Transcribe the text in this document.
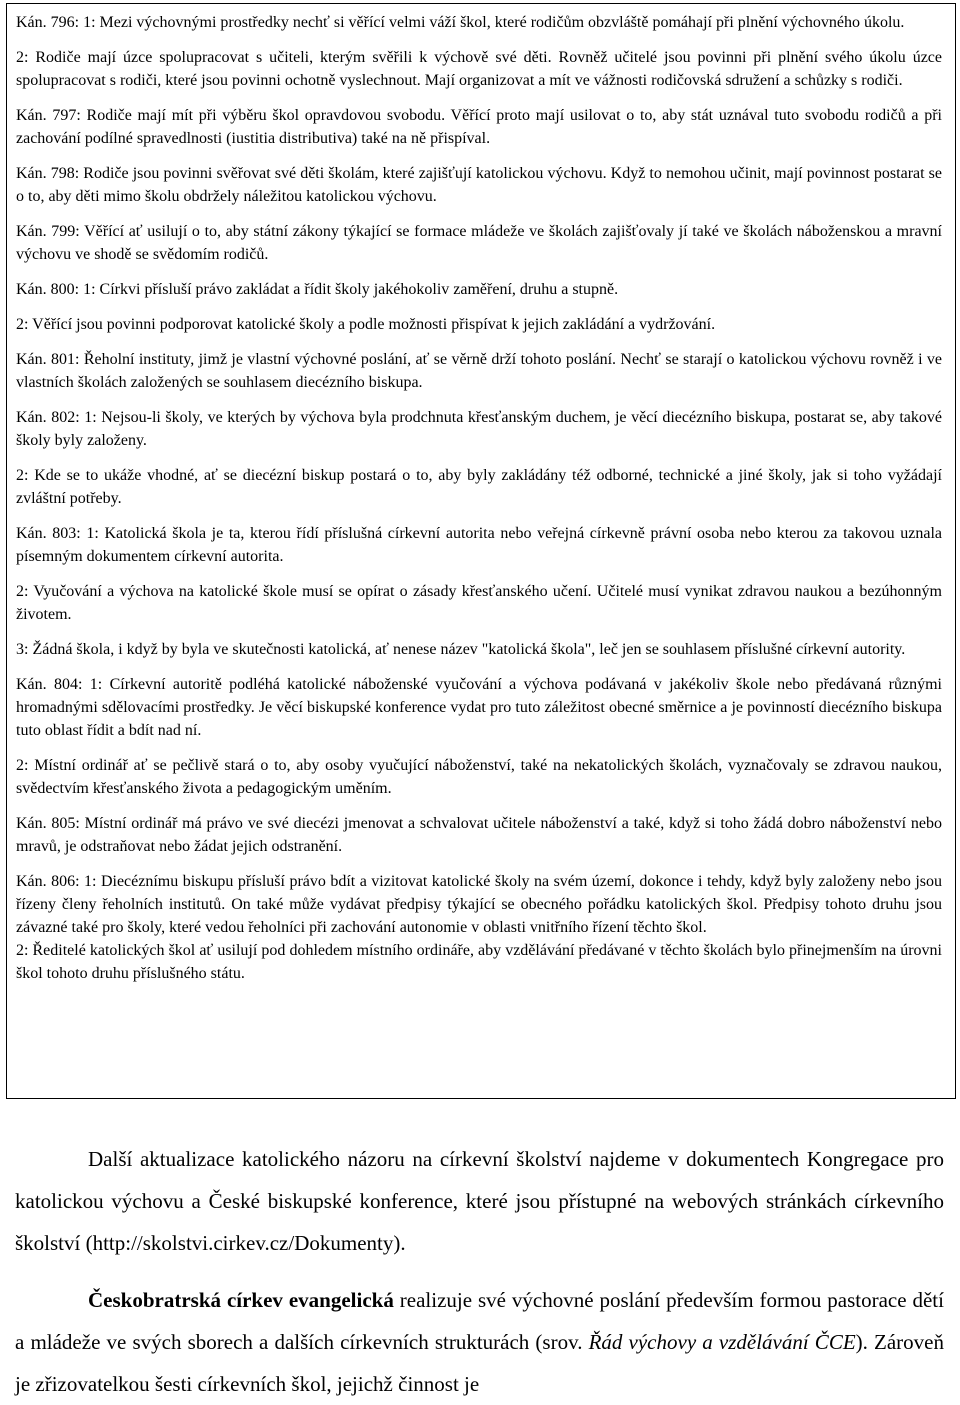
Kán. 796: 1: Mezi výchovnými prostředky nechť si věřící velmi váží škol, které rodičům obzvláště pomáhají při plnění výchovného úkolu.

2: Rodiče mají úzce spolupracovat s učiteli, kterým svěřili k výchově své děti. Rovněž učitelé jsou povinni při plnění svého úkolu úzce spolupracovat s rodiči, které jsou povinni ochotně vyslechnout. Mají organizovat a mít ve vážnosti rodičovská sdružení a schůzky s rodiči.

Kán. 797: Rodiče mají mít při výběru škol opravdovou svobodu. Věřící proto mají usilovat o to, aby stát uznával tuto svobodu rodičů a při zachování podílné spravedlnosti (iustitia distributiva) také na ně přispíval.

Kán. 798: Rodiče jsou povinni svěřovat své děti školám, které zajišťují katolickou výchovu. Když to nemohou učinit, mají povinnost postarat se o to, aby děti mimo školu obdržely náležitou katolickou výchovu.

Kán. 799: Věřící ať usilují o to, aby státní zákony týkající se formace mládeže ve školách zajišťovaly jí také ve školách náboženskou a mravní výchovu ve shodě se svědomím rodičů.

Kán. 800: 1: Církvi přísluší právo zakládat a řídit školy jakéhokoliv zaměření, druhu a stupně.

2: Věřící jsou povinni podporovat katolické školy a podle možnosti přispívat k jejich zakládání a vydržování.

Kán. 801: Řeholní instituty, jimž je vlastní výchovné poslání, ať se věrně drží tohoto poslání. Nechť se starají o katolickou výchovu rovněž i ve vlastních školách založených se souhlasem diecézního biskupa.

Kán. 802: 1: Nejsou-li školy, ve kterých by výchova byla prodchnuta křesťanským duchem, je věcí diecézního biskupa, postarat se, aby takové školy byly založeny.

2: Kde se to ukáže vhodné, ať se diecézní biskup postará o to, aby byly zakládány též odborné, technické a jiné školy, jak si toho vyžádají zvláštní potřeby.

Kán. 803: 1: Katolická škola je ta, kterou řídí příslušná církevní autorita nebo veřejná církevně právní osoba nebo kterou za takovou uznala písemným dokumentem církevní autorita.

2: Vyučování a výchova na katolické škole musí se opírat o zásady křesťanského učení. Učitelé musí vynikat zdravou naukou a bezúhonným životem.

3: Žádná škola, i když by byla ve skutečnosti katolická, ať nenese název "katolická škola", leč jen se souhlasem příslušné církevní autority.

Kán. 804: 1: Církevní autoritě podléhá katolické náboženské vyučování a výchova podávaná v jakékoliv škole nebo předávaná různými hromadnými sdělovacími prostředky. Je věcí biskupské konference vydat pro tuto záležitost obecné směrnice a je povinností diecézního biskupa tuto oblast řídit a bdít nad ní.

2: Místní ordinář ať se pečlivě stará o to, aby osoby vyučující náboženství, také na nekatolických školách, vyznačovaly se zdravou naukou, svědectvím křesťanského života a pedagogickým uměním.

Kán. 805: Místní ordinář má právo ve své diecézi jmenovat a schvalovat učitele náboženství a také, když si toho žádá dobro náboženství nebo mravů, je odstraňovat nebo žádat jejich odstranění.

Kán. 806: 1: Diecéznímu biskupu přísluší právo bdít a vizitovat katolické školy na svém území, dokonce i tehdy, když byly založeny nebo jsou řízeny členy řeholních institutů. On také může vydávat předpisy týkající se obecného pořádku katolických škol. Předpisy tohoto druhu jsou závazné také pro školy, které vedou řeholníci při zachování autonomie v oblasti vnitřního řízení těchto škol.

2: Ředitelé katolických škol ať usilují pod dohledem místního ordináře, aby vzdělávání předávané v těchto školách bylo přinejmenším na úrovni škol tohoto druhu příslušného státu.

Další aktualizace katolického názoru na církevní školství najdeme v dokumentech Kongregace pro katolickou výchovu a České biskupské konference, které jsou přístupné na webových stránkách církevního školství (http://skolstvi.cirkev.cz/Dokumenty).

Českobratrská církev evangelická realizuje své výchovné poslání především formou pastorace dětí a mládeže ve svých sborech a dalších církevních strukturách (srov. Řád výchovy a vzdělávání ČCE). Zároveň je zřizovatelkou šesti církevních škol, jejichž činnost je
